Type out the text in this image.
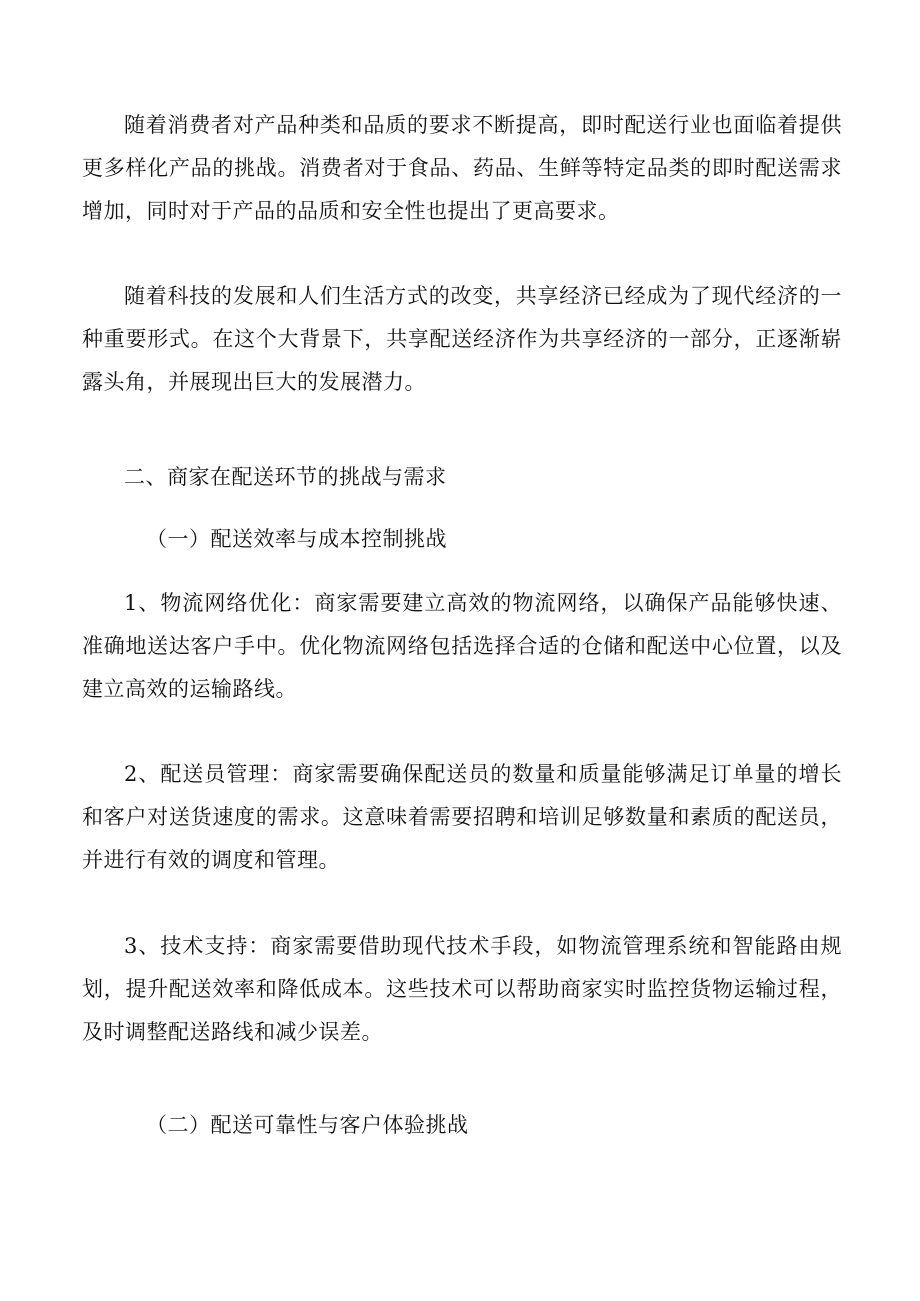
随着消费者对产品种类和品质的要求不断提高，即时配送行业也面临着提供更多样化产品的挑战。消费者对于食品、药品、生鲜等特定品类的即时配送需求增加，同时对于产品的品质和安全性也提出了更高要求。

随着科技的发展和人们生活方式的改变，共享经济已经成为了现代经济的一种重要形式。在这个大背景下，共享配送经济作为共享经济的一部分，正逐渐崭露头角，并展现出巨大的发展潜力。

二、商家在配送环节的挑战与需求

（一）配送效率与成本控制挑战

1、物流网络优化：商家需要建立高效的物流网络，以确保产品能够快速、准确地送达客户手中。优化物流网络包括选择合适的仓储和配送中心位置，以及建立高效的运输路线。

2、配送员管理：商家需要确保配送员的数量和质量能够满足订单量的增长和客户对送货速度的需求。这意味着需要招聘和培训足够数量和素质的配送员，并进行有效的调度和管理。

3、技术支持：商家需要借助现代技术手段，如物流管理系统和智能路由规划，提升配送效率和降低成本。这些技术可以帮助商家实时监控货物运输过程，及时调整配送路线和减少误差。

（二）配送可靠性与客户体验挑战
